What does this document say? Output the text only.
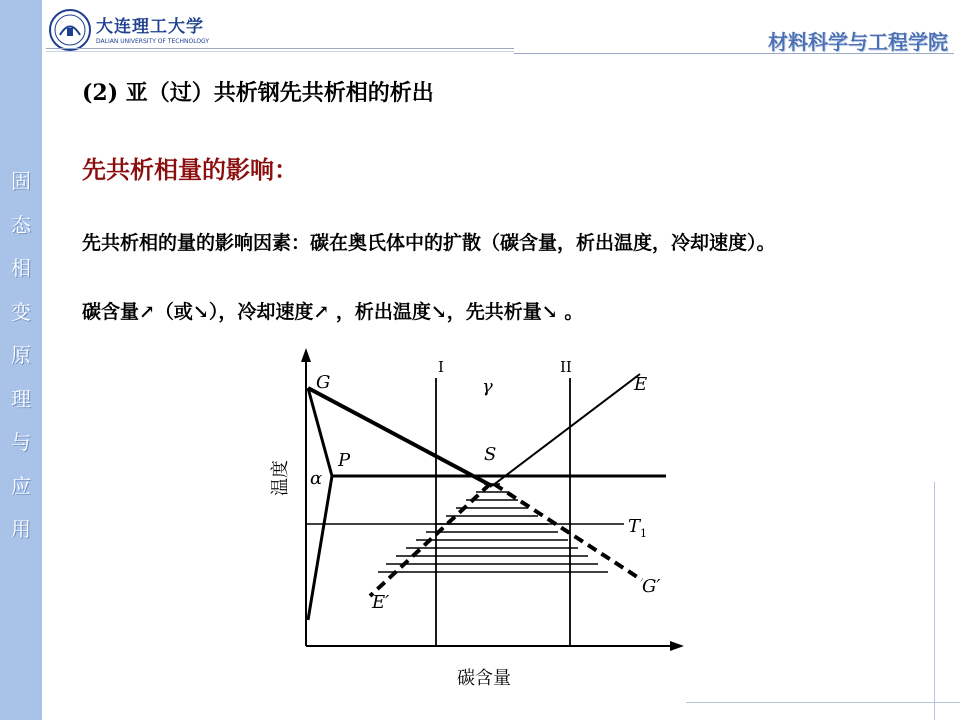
固
态
相
变
原
理
与
应
用
大连理工大学
DALIAN UNIVERSITY OF TECHNOLOGY	材料科学与工程学院
(2) 亚（过）共析钢先共析相的析出
先共析相量的影响：
先共析相的量的影响因素：碳在奥氏体中的扩散（碳含量，析出温度，冷却速度）。
碳含量↗（或↘），冷却速度↗ ，析出温度↘，先共析量↘ 。
G
P
α
S
E
γ
I	II
$T_1$
E′
G′
温度
碳含量
